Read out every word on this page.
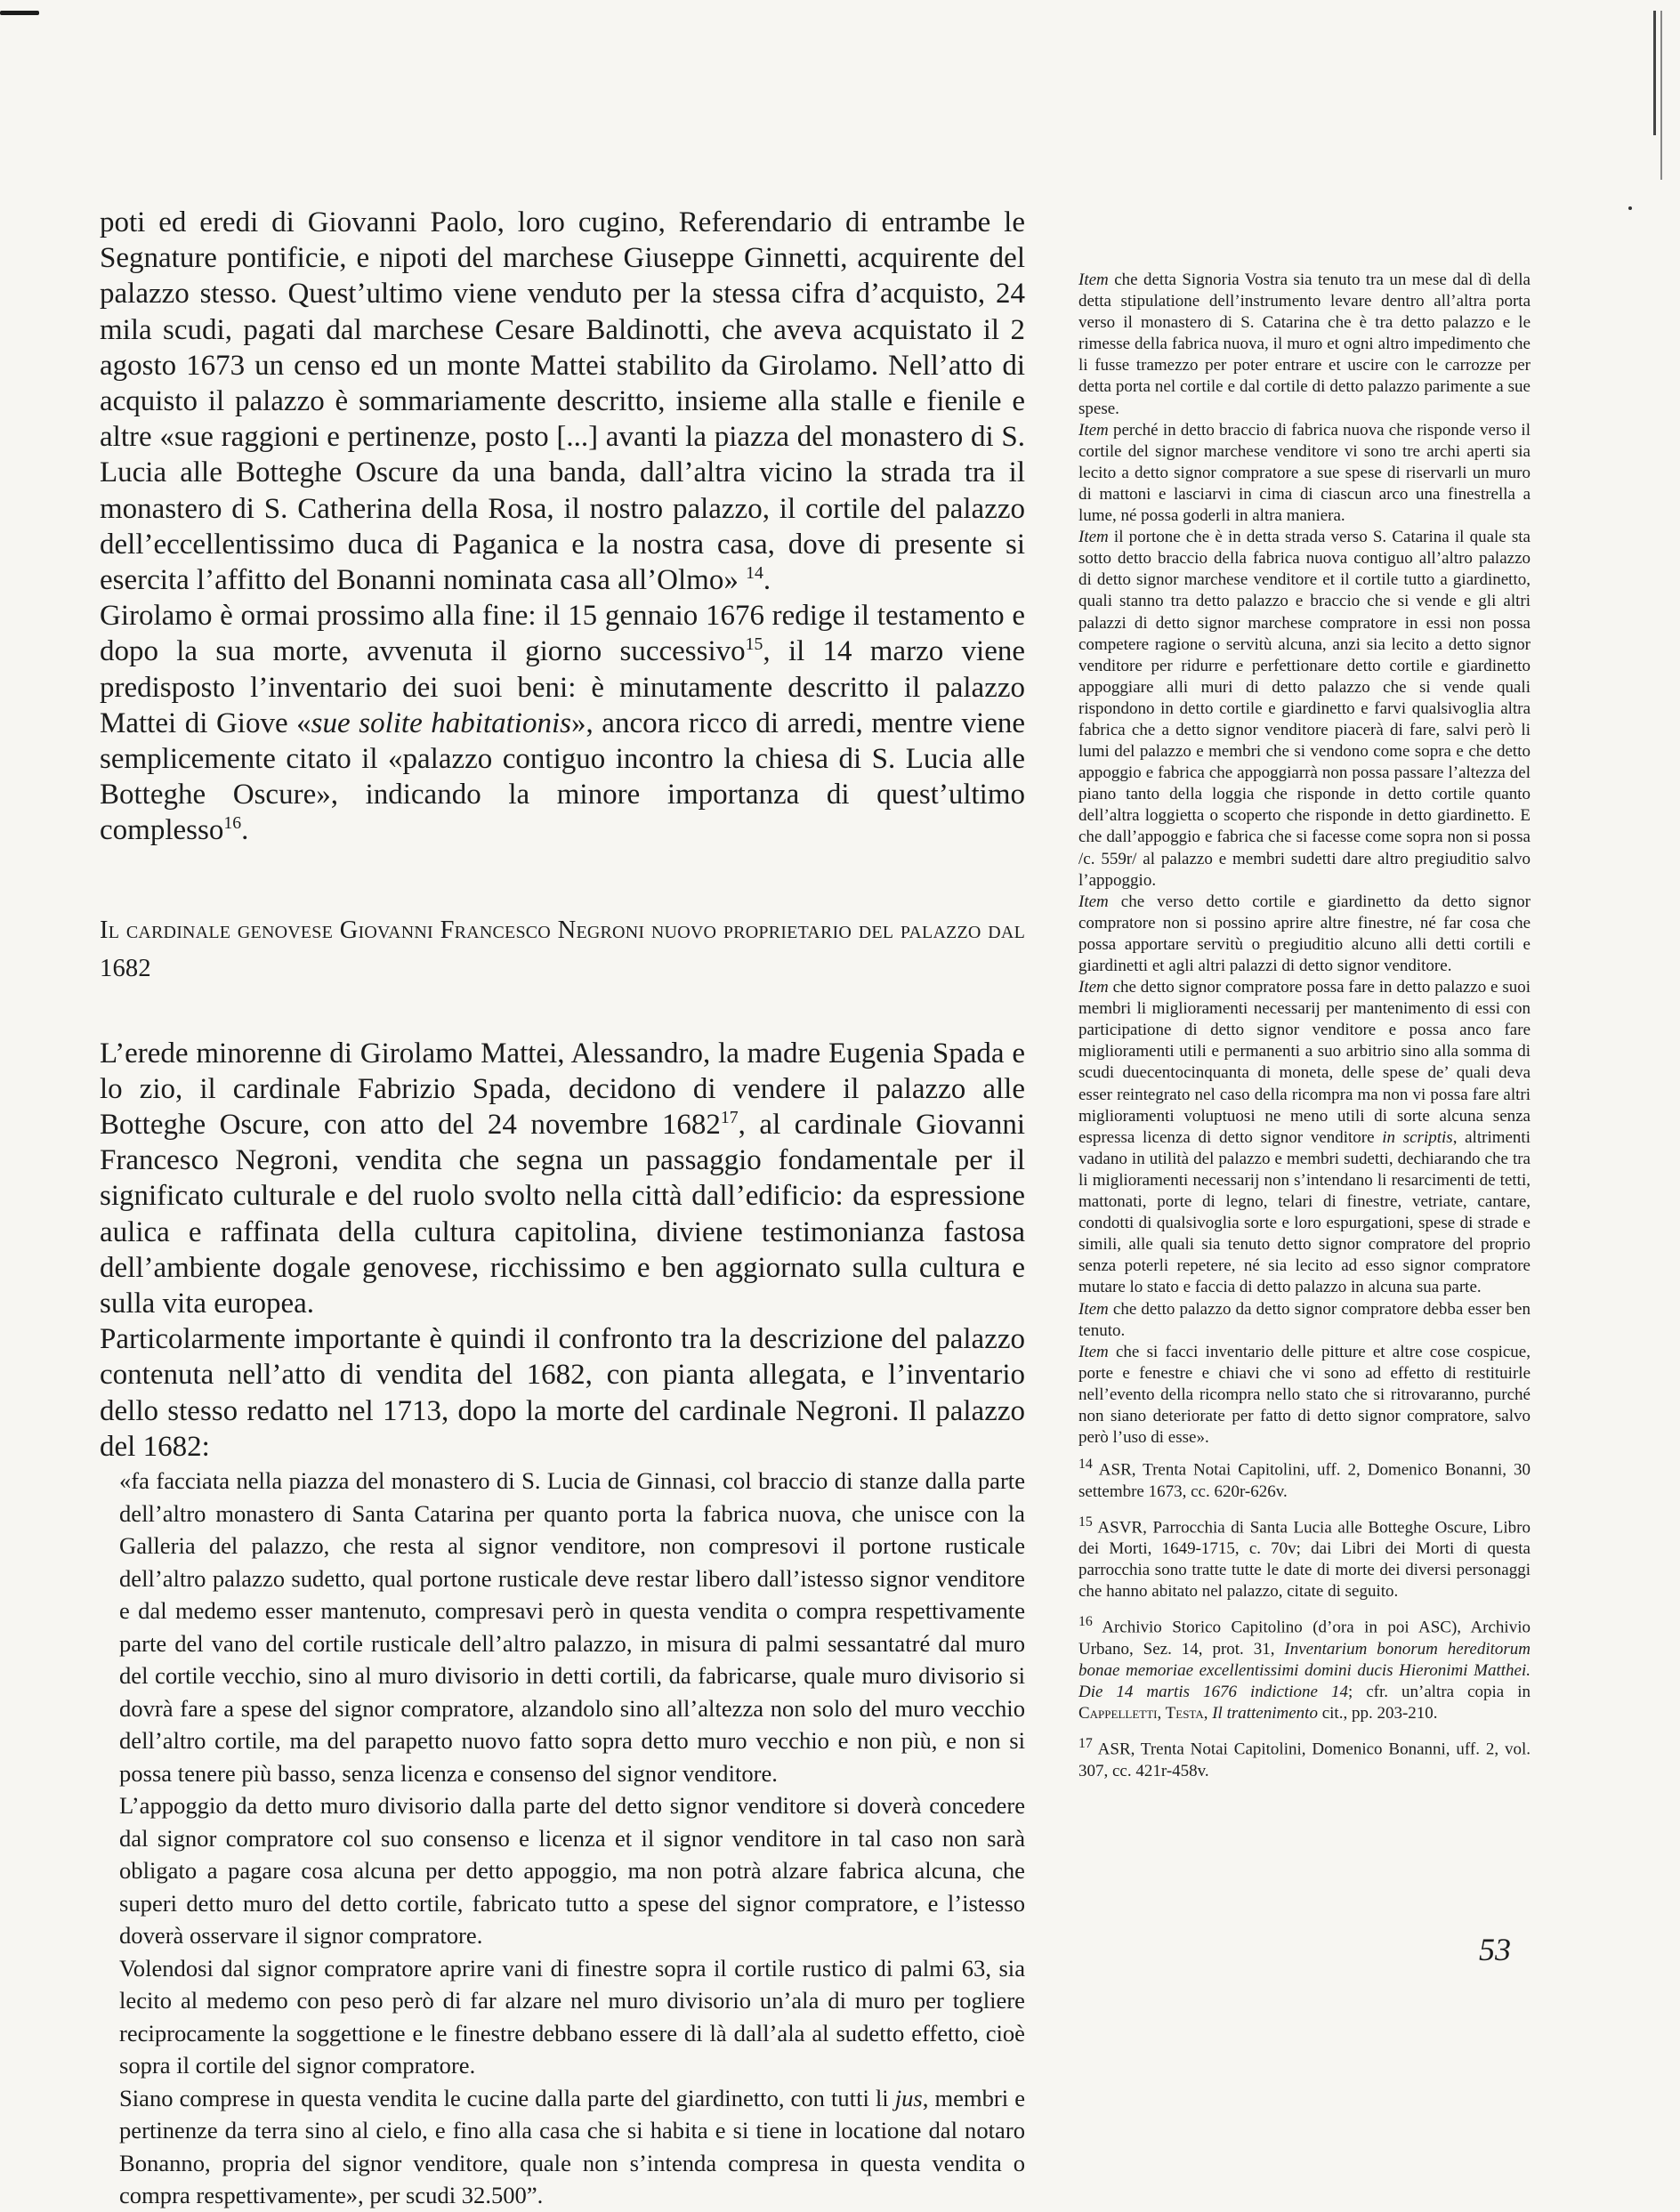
poti ed eredi di Giovanni Paolo, loro cugino, Referendario di entrambe le Segnature pontificie, e nipoti del marchese Giuseppe Ginnetti, acquirente del palazzo stesso. Quest’ultimo viene venduto per la stessa cifra d’acquisto, 24 mila scudi, pagati dal marchese Cesare Baldinotti, che aveva acquistato il 2 agosto 1673 un censo ed un monte Mattei stabilito da Girolamo. Nell’atto di acquisto il palazzo è sommariamente descritto, insieme alla stalle e fienile e altre «sue raggioni e pertinenze, posto [...] avanti la piazza del monastero di S. Lucia alle Botteghe Oscure da una banda, dall’altra vicino la strada tra il monastero di S. Catherina della Rosa, il nostro palazzo, il cortile del palazzo dell’eccellentissimo duca di Paganica e la nostra casa, dove di presente si esercita l’affitto del Bonanni nominata casa all’Olmo» $^{14}$.

Girolamo è ormai prossimo alla fine: il 15 gennaio 1676 redige il testamento e dopo la sua morte, avvenuta il giorno successivo$^{15}$, il 14 marzo viene predisposto l’inventario dei suoi beni: è minutamente descritto il palazzo Mattei di Giove «sue solite habitationis», ancora ricco di arredi, mentre viene semplicemente citato il «palazzo contiguo incontro la chiesa di S. Lucia alle Botteghe Oscure», indicando la minore importanza di quest’ultimo complesso$^{16}$.

Il cardinale genovese Giovanni Francesco Negroni nuovo proprietario del palazzo dal 1682

L’erede minorenne di Girolamo Mattei, Alessandro, la madre Eugenia Spada e lo zio, il cardinale Fabrizio Spada, decidono di vendere il palazzo alle Botteghe Oscure, con atto del 24 novembre 1682$^{17}$, al cardinale Giovanni Francesco Negroni, vendita che segna un passaggio fondamentale per il significato culturale e del ruolo svolto nella città dall’edificio: da espressione aulica e raffinata della cultura capitolina, diviene testimonianza fastosa dell’ambiente dogale genovese, ricchissimo e ben aggiornato sulla cultura e sulla vita europea.

Particolarmente importante è quindi il confronto tra la descrizione del palazzo contenuta nell’atto di vendita del 1682, con pianta allegata, e l’inventario dello stesso redatto nel 1713, dopo la morte del cardinale Negroni. Il palazzo del 1682:

«fa facciata nella piazza del monastero di S. Lucia de Ginnasi, col braccio di stanze dalla parte dell’altro monastero di Santa Catarina per quanto porta la fabrica nuova, che unisce con la Galleria del palazzo, che resta al signor venditore, non compresovi il portone rusticale dell’altro palazzo sudetto, qual portone rusticale deve restar libero dall’istesso signor venditore e dal medemo esser mantenuto, compresavi però in questa vendita o compra respettivamente parte del vano del cortile rusticale dell’altro palazzo, in misura di palmi sessantatré dal muro del cortile vecchio, sino al muro divisorio in detti cortili, da fabricarse, quale muro divisorio si dovrà fare a spese del signor compratore, alzandolo sino all’altezza non solo del muro vecchio dell’altro cortile, ma del parapetto nuovo fatto sopra detto muro vecchio e non più, e non si possa tenere più basso, senza licenza e consenso del signor venditore.

L’appoggio da detto muro divisorio dalla parte del detto signor venditore si doverà concedere dal signor compratore col suo consenso e licenza et il signor venditore in tal caso non sarà obligato a pagare cosa alcuna per detto appoggio, ma non potrà alzare fabrica alcuna, che superi detto muro del detto cortile, fabricato tutto a spese del signor compratore, e l’istesso doverà osservare il signor compratore.

Volendosi dal signor compratore aprire vani di finestre sopra il cortile rustico di palmi 63, sia lecito al medemo con peso però di far alzare nel muro divisorio un’ala di muro per togliere reciprocamente la soggettione e le finestre debbano essere di là dall’ala al sudetto effetto, cioè sopra il cortile del signor compratore.

Siano comprese in questa vendita le cucine dalla parte del giardinetto, con tutti li jus, membri e pertinenze da terra sino al cielo, e fino alla casa che si habita e si tiene in locatione dal notaro Bonanno, propria del signor venditore, quale non s’intenda compresa in questa vendita o compra respettivamente», per scudi 32.500”.

Item che detta Signoria Vostra sia tenuto tra un mese dal dì della detta stipulatione dell’instrumento levare dentro all’altra porta verso il monastero di S. Catarina che è tra detto palazzo e le rimesse della fabrica nuova, il muro et ogni altro impedimento che li fusse tramezzo per poter entrare et uscire con le carrozze per detta porta nel cortile e dal cortile di detto palazzo parimente a sue spese.

Item perché in detto braccio di fabrica nuova che risponde verso il cortile del signor marchese venditore vi sono tre archi aperti sia lecito a detto signor compratore a sue spese di riservarli un muro di mattoni e lasciarvi in cima di ciascun arco una finestrella a lume, né possa goderli in altra maniera.

Item il portone che è in detta strada verso S. Catarina il quale sta sotto detto braccio della fabrica nuova contiguo all’altro palazzo di detto signor marchese venditore et il cortile tutto a giardinetto, quali stanno tra detto palazzo e braccio che si vende e gli altri palazzi di detto signor marchese compratore in essi non possa competere ragione o servitù alcuna, anzi sia lecito a detto signor venditore per ridurre e perfettionare detto cortile e giardinetto appoggiare alli muri di detto palazzo che si vende quali rispondono in detto cortile e giardinetto e farvi qualsivoglia altra fabrica che a detto signor venditore piacerà di fare, salvi però li lumi del palazzo e membri che si vendono come sopra e che detto appoggio e fabrica che appoggiarrà non possa passare l’altezza del piano tanto della loggia che risponde in detto cortile quanto dell’altra loggietta o scoperto che risponde in detto giardinetto. E che dall’appoggio e fabrica che si facesse come sopra non si possa /c. 559r/ al palazzo e membri sudetti dare altro pregiuditio salvo l’appoggio.

Item che verso detto cortile e giardinetto da detto signor compratore non si possino aprire altre finestre, né far cosa che possa apportare servitù o pregiuditio alcuno alli detti cortili e giardinetti et agli altri palazzi di detto signor venditore.

Item che detto signor compratore possa fare in detto palazzo e suoi membri li miglioramenti necessarij per mantenimento di essi con participatione di detto signor venditore e possa anco fare miglioramenti utili e permanenti a suo arbitrio sino alla somma di scudi duecentocinquanta di moneta, delle spese de’ quali deva esser reintegrato nel caso della ricompra ma non vi possa fare altri miglioramenti voluptuosi ne meno utili di sorte alcuna senza espressa licenza di detto signor venditore in scriptis, altrimenti vadano in utilità del palazzo e membri sudetti, dechiarando che tra li miglioramenti necessarij non s’intendano li resarcimenti de tetti, mattonati, porte di legno, telari di finestre, vetriate, cantare, condotti di qualsivoglia sorte e loro espurgationi, spese di strade e simili, alle quali sia tenuto detto signor compratore del proprio senza poterli repetere, né sia lecito ad esso signor compratore mutare lo stato e faccia di detto palazzo in alcuna sua parte.

Item che detto palazzo da detto signor compratore debba esser ben tenuto.

Item che si facci inventario delle pitture et altre cose cospicue, porte e fenestre e chiavi che vi sono ad effetto di restituirle nell’evento della ricompra nello stato che si ritrovaranno, purché non siano deteriorate per fatto di detto signor compratore, salvo però l’uso di esse».

$^{14}$ ASR, Trenta Notai Capitolini, uff. 2, Domenico Bonanni, 30 settembre 1673, cc. 620r-626v.

$^{15}$ ASVR, Parrocchia di Santa Lucia alle Botteghe Oscure, Libro dei Morti, 1649-1715, c. 70v; dai Libri dei Morti di questa parrocchia sono tratte tutte le date di morte dei diversi personaggi che hanno abitato nel palazzo, citate di seguito.

$^{16}$ Archivio Storico Capitolino (d’ora in poi ASC), Archivio Urbano, Sez. 14, prot. 31, Inventarium bonorum hereditorum bonae memoriae excellentissimi domini ducis Hieronimi Matthei. Die 14 martis 1676 indictione 14; cfr. un’altra copia in Cappelletti, Testa, Il trattenimento cit., pp. 203-210.

$^{17}$ ASR, Trenta Notai Capitolini, Domenico Bonanni, uff. 2, vol. 307, cc. 421r-458v.

53
